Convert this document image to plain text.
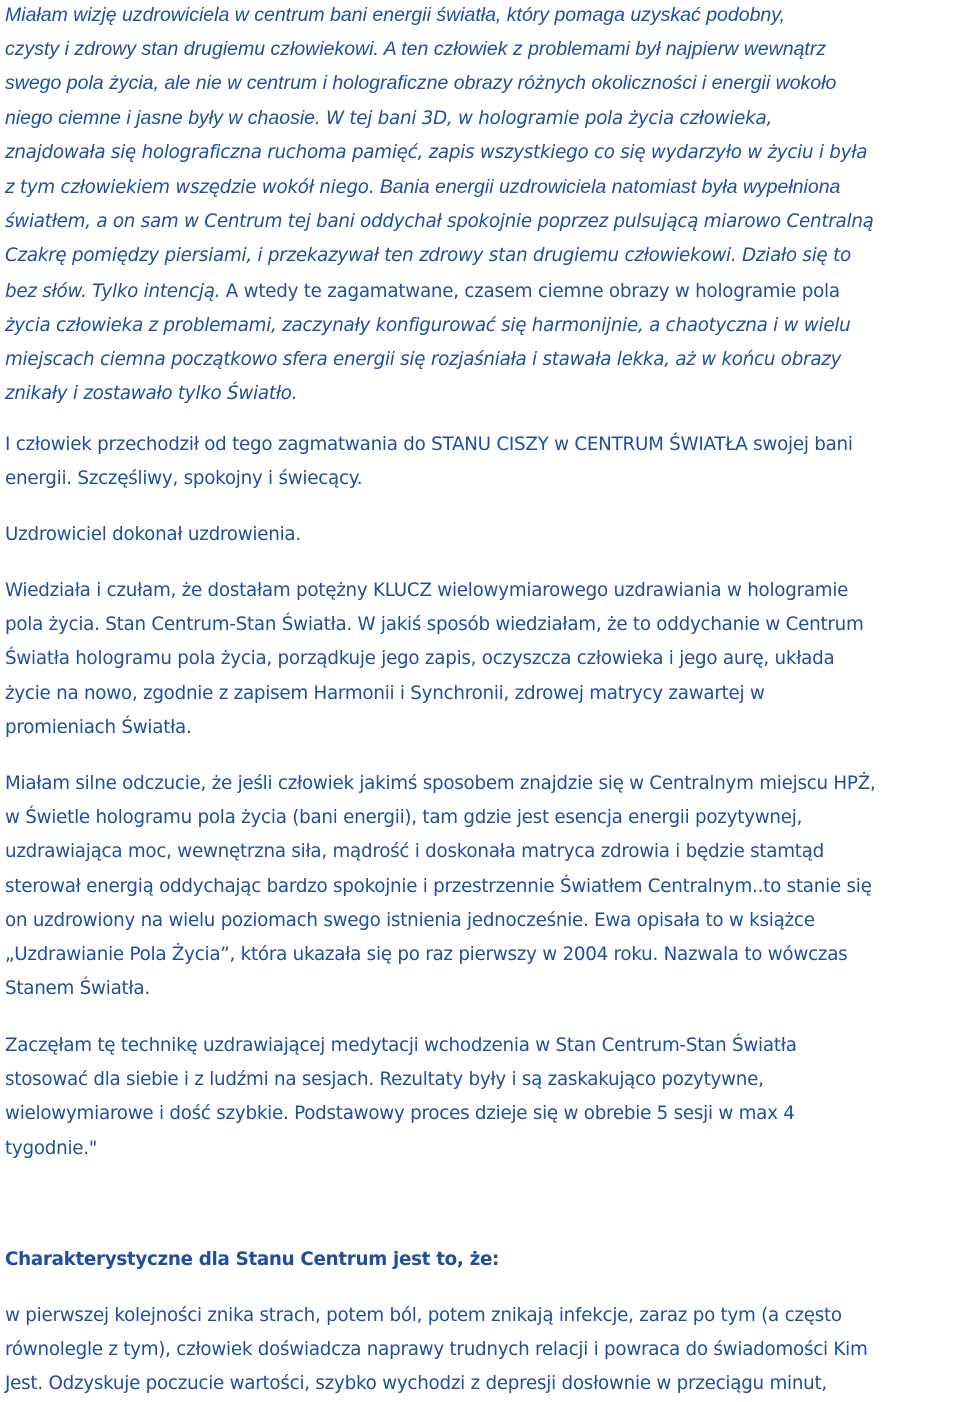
Miałam wizję uzdrowiciela w centrum bani energii światła, który pomaga uzyskać podobny,
czysty i zdrowy stan drugiemu człowiekowi. A ten człowiek z problemami był najpierw wewnątrz
swego pola życia, ale nie w centrum i holograficzne obrazy różnych okoliczności i energii wokoło
niego ciemne i jasne były w chaosie. W tej bani 3D, w hologramie pola życia człowieka,
znajdowała się holograficzna ruchoma pamięć, zapis wszystkiego co się wydarzyło w życiu i była
z tym człowiekiem wszędzie wokół niego. Bania energii uzdrowiciela natomiast była wypełniona
światłem, a on sam w Centrum tej bani oddychał spokojnie poprzez pulsującą miarowo Centralną
Czakrę pomiędzy piersiami, i przekazywał ten zdrowy stan drugiemu człowiekowi. Działo się to
bez słów. Tylko intencją. A wtedy te zagamatwane, czasem ciemne obrazy w hologramie pola
życia człowieka z problemami, zaczynały konfigurować się harmonijnie, a chaotyczna i w wielu
miejscach ciemna początkowo sfera energii się rozjaśniała i stawała lekka, aż w końcu obrazy
znikały i zostawało tylko Światło.
I człowiek przechodził od tego zagmatwania do STANU CISZY w CENTRUM ŚWIATŁA swojej bani
energii. Szczęśliwy, spokojny i świecący.
Uzdrowiciel dokonał uzdrowienia.
Wiedziała i czułam, że dostałam potężny KLUCZ wielowymiarowego uzdrawiania w hologramie
pola życia. Stan Centrum-Stan Światła. W jakiś sposób wiedziałam, że to oddychanie w Centrum
Światła hologramu pola życia, porządkuje jego zapis, oczyszcza człowieka i jego aurę, układa
życie na nowo, zgodnie z zapisem Harmonii i Synchronii, zdrowej matrycy zawartej w
promieniach Światła.
Miałam silne odczucie, że jeśli człowiek jakimś sposobem znajdzie się w Centralnym miejscu HPŻ,
w Świetle hologramu pola życia (bani energii), tam gdzie jest esencja energii pozytywnej,
uzdrawiająca moc, wewnętrzna siła, mądrość i doskonała matryca zdrowia i będzie stamtąd
sterował energią oddychając bardzo spokojnie i przestrzennie Światłem Centralnym..to stanie się
on uzdrowiony na wielu poziomach swego istnienia jednocześnie. Ewa opisała to w książce
„Uzdrawianie Pola Życia”, która ukazała się po raz pierwszy w 2004 roku. Nazwala to wówczas
Stanem Światła.
Zaczęłam tę technikę uzdrawiającej medytacji wchodzenia w Stan Centrum-Stan Światła
stosować dla siebie i z ludźmi na sesjach. Rezultaty były i są zaskakująco pozytywne,
wielowymiarowe i dość szybkie. Podstawowy proces dzieje się w obrebie 5 sesji w max 4
tygodnie."
Charakterystyczne dla Stanu Centrum jest to, że:
w pierwszej kolejności znika strach, potem ból, potem znikają infekcje, zaraz po tym (a często
równolegle z tym), człowiek doświadcza naprawy trudnych relacji i powraca do świadomości Kim
Jest. Odzyskuje poczucie wartości, szybko wychodzi z depresji dosłownie w przeciągu minut,
